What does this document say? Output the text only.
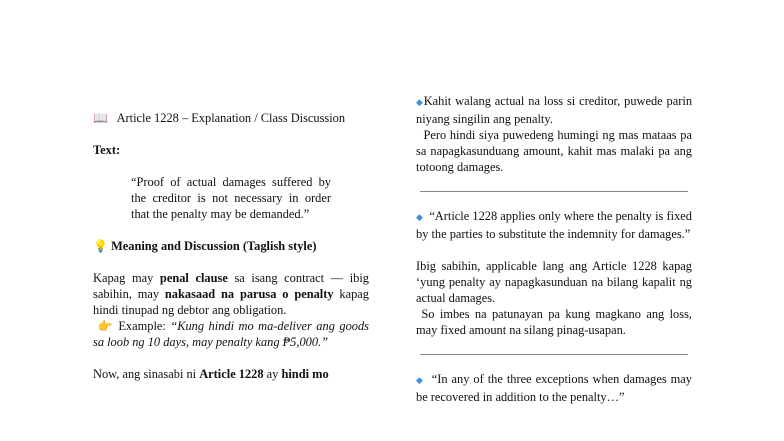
📖 Article 1228 – Explanation / Class Discussion

Text:

“Proof of actual damages suffered by the creditor is not necessary in order that the penalty may be demanded.”

💡 Meaning and Discussion (Taglish style)

Kapag may penal clause sa isang contract — ibig sabihin, may nakasaad na parusa o penalty kapag hindi tinupad ng debtor ang obligation.

👉 Example: “Kung hindi mo ma-deliver ang goods sa loob ng 10 days, may penalty kang ₱5,000.”

Now, ang sinasabi ni Article 1228 ay hindi mo

◆Kahit walang actual na loss si creditor, puwede parin niyang singilin ang penalty.

Pero hindi siya puwedeng humingi ng mas mataas pa sa napagkasunduang amount, kahit mas malaki pa ang totoong damages.

◆ “Article 1228 applies only where the penalty is fixed by the parties to substitute the indemnity for damages.”

Ibig sabihin, applicable lang ang Article 1228 kapag ‘yung penalty ay napagkasunduan na bilang kapalit ng actual damages.

So imbes na patunayan pa kung magkano ang loss, may fixed amount na silang pinag-usapan.

◆ “In any of the three exceptions when damages may be recovered in addition to the penalty…”
